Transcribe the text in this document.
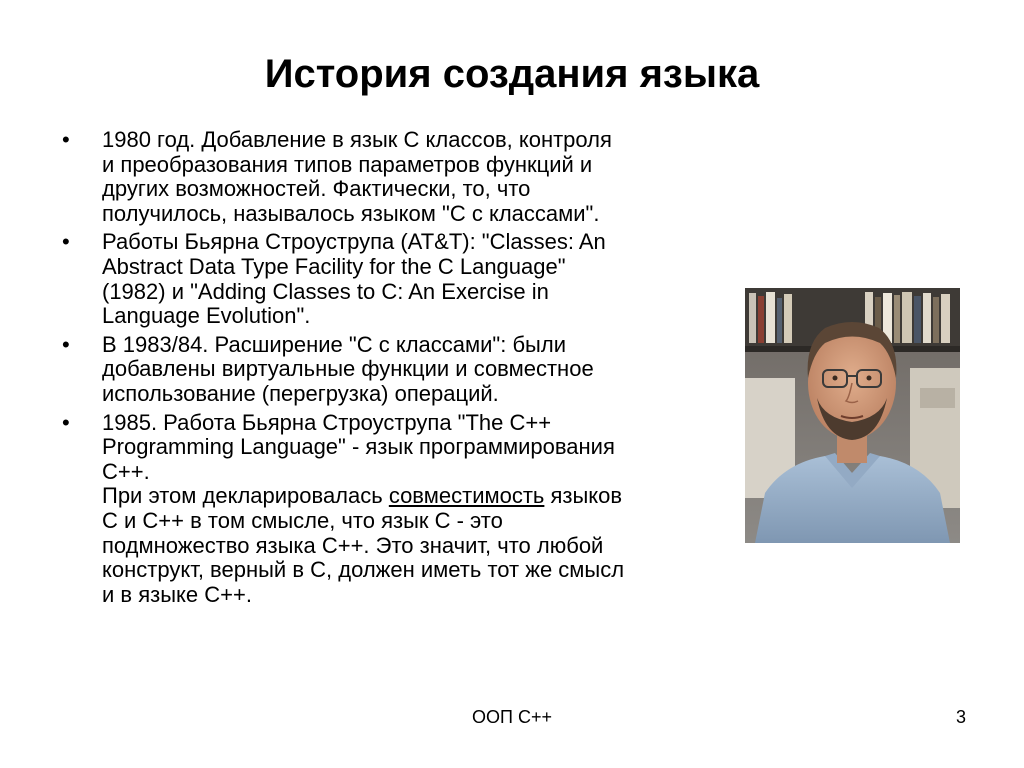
История создания языка
• 1980 год. Добавление в язык С классов, контроля
и преобразования типов параметров функций и
других возможностей. Фактически, то, что
получилось, называлось языком "С с классами".
• Работы Бьярна Строуструпа (AT&T): "Classes: An
Abstract Data Type Facility for the C Language"
(1982) и "Adding Classes to C: An Exercise in
Language Evolution".
• В 1983/84. Расширение "С с классами": были
добавлены виртуальные функции и совместное
использование (перегрузка) операций.
• 1985. Работа Бьярна Строуструпа "The C++
Programming Language" - язык программирования
С++.
При этом декларировалась совместимость языков
С и С++ в том смысле, что язык С - это
подмножество языка С++. Это значит, что любой
конструкт, верный в С, должен иметь тот же смысл
и в языке С++.
ООП С++	3
